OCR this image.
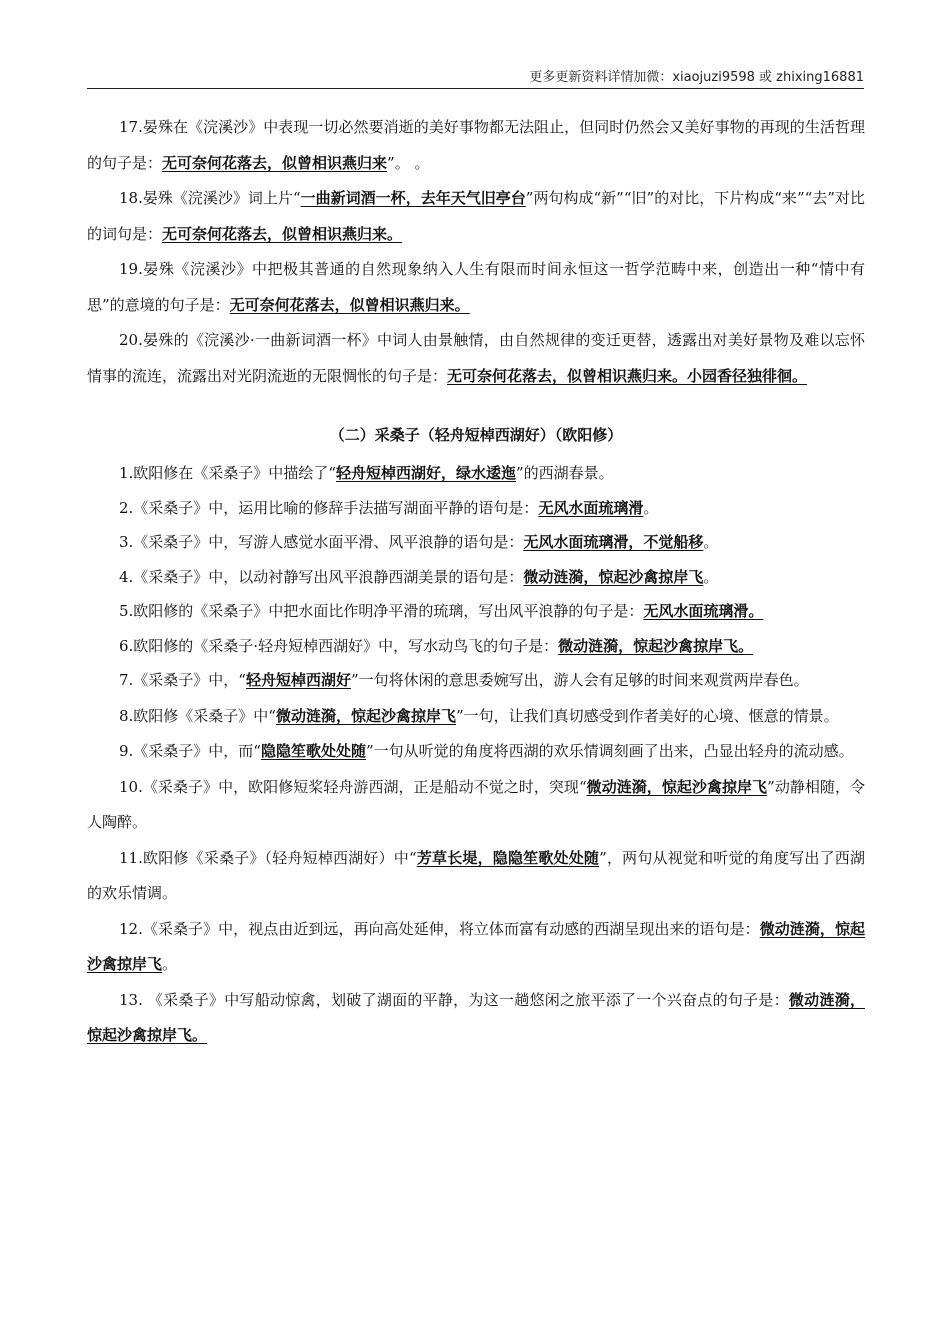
更多更新资料详情加微：xiaojuzi9598 或 zhixing16881

17.晏殊在《浣溪沙》中表现一切必然要消逝的美好事物都无法阻止，但同时仍然会又美好事物的再现的生活哲理的句子是：无可奈何花落去，似曾相识燕归来”。 。

18.晏殊《浣溪沙》词上片“一曲新词酒一杯，去年天气旧亭台”两句构成“新”“旧”的对比，下片构成“来”“去”对比的词句是：无可奈何花落去，似曾相识燕归来。

19.晏殊《浣溪沙》中把极其普通的自然现象纳入人生有限而时间永恒这一哲学范畴中来，创造出一种“情中有思”的意境的句子是：无可奈何花落去，似曾相识燕归来。

20.晏殊的《浣溪沙·一曲新词酒一杯》中词人由景触情，由自然规律的变迁更替，透露出对美好景物及难以忘怀情事的流连，流露出对光阴流逝的无限惆怅的句子是：无可奈何花落去，似曾相识燕归来。小园香径独徘徊。

（二）采桑子（轻舟短棹西湖好）（欧阳修）

1.欧阳修在《采桑子》中描绘了“轻舟短棹西湖好，绿水逶迤”的西湖春景。

2.《采桑子》中，运用比喻的修辞手法描写湖面平静的语句是：无风水面琉璃滑。

3.《采桑子》中，写游人感觉水面平滑、风平浪静的语句是：无风水面琉璃滑，不觉船移。

4.《采桑子》中，以动衬静写出风平浪静西湖美景的语句是：微动涟漪，惊起沙禽掠岸飞。

5.欧阳修的《采桑子》中把水面比作明净平滑的琉璃，写出风平浪静的句子是：无风水面琉璃滑。

6.欧阳修的《采桑子·轻舟短棹西湖好》中，写水动鸟飞的句子是：微动涟漪，惊起沙禽掠岸飞。

7.《采桑子》中，“轻舟短棹西湖好”一句将休闲的意思委婉写出，游人会有足够的时间来观赏两岸春色。

8.欧阳修《采桑子》中“微动涟漪，惊起沙禽掠岸飞”一句，让我们真切感受到作者美好的心境、惬意的情景。

9.《采桑子》中，而“隐隐笙歌处处随”一句从听觉的角度将西湖的欢乐情调刻画了出来，凸显出轻舟的流动感。

10.《采桑子》中，欧阳修短桨轻舟游西湖，正是船动不觉之时，突现“微动涟漪，惊起沙禽掠岸飞”动静相随，令人陶醉。

11.欧阳修《采桑子》（轻舟短棹西湖好）中“芳草长堤，隐隐笙歌处处随”，两句从视觉和听觉的角度写出了西湖的欢乐情调。

12.《采桑子》中，视点由近到远，再向高处延伸，将立体而富有动感的西湖呈现出来的语句是：微动涟漪，惊起沙禽掠岸飞。

13. 《采桑子》中写船动惊禽，划破了湖面的平静，为这一趟悠闲之旅平添了一个兴奋点的句子是：微动涟漪，惊起沙禽掠岸飞。
